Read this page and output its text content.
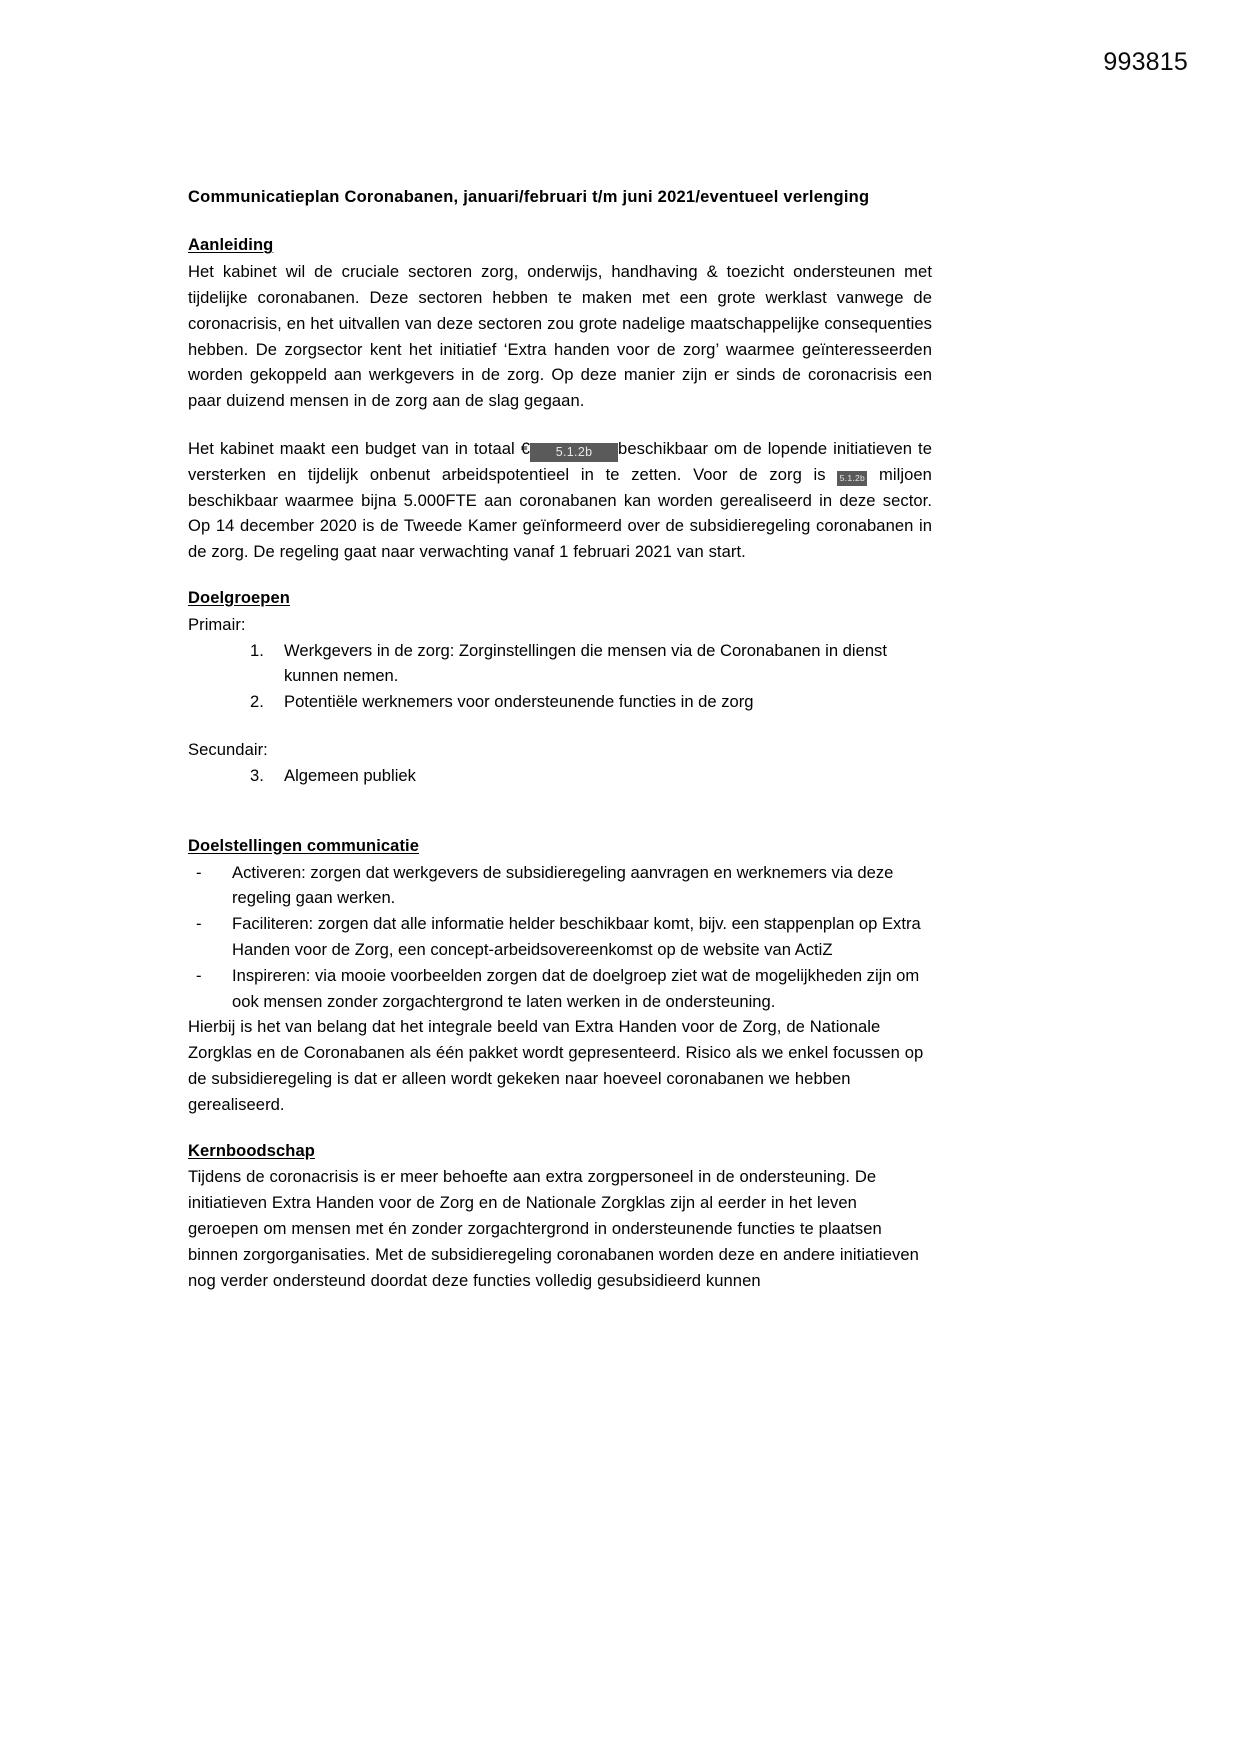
993815
Communicatieplan Coronabanen, januari/februari t/m juni 2021/eventueel verlenging
Aanleiding

Het kabinet wil de cruciale sectoren zorg, onderwijs, handhaving & toezicht ondersteunen met tijdelijke coronabanen. Deze sectoren hebben te maken met een grote werklast vanwege de coronacrisis, en het uitvallen van deze sectoren zou grote nadelige maatschappelijke consequenties hebben. De zorgsector kent het initiatief ‘Extra handen voor de zorg’ waarmee geïnteresseerden worden gekoppeld aan werkgevers in de zorg. Op deze manier zijn er sinds de coronacrisis een paar duizend mensen in de zorg aan de slag gegaan.

Het kabinet maakt een budget van in totaal € 5.1.2b beschikbaar om de lopende initiatieven te versterken en tijdelijk onbenut arbeidspotentieel in te zetten. Voor de zorg is 5.1.2b miljoen beschikbaar waarmee bijna 5.000FTE aan coronabanen kan worden gerealiseerd in deze sector. Op 14 december 2020 is de Tweede Kamer geïnformeerd over de subsidieregeling coronabanen in de zorg. De regeling gaat naar verwachting vanaf 1 februari 2021 van start.

Doelgroepen

Primair:

Werkgevers in de zorg: Zorginstellingen die mensen via de Coronabanen in dienst kunnen nemen.
Potentiële werknemers voor ondersteunende functies in de zorg

Secundair:

Algemeen publiek
Doelstellingen communicatie
- Activeren: zorgen dat werkgevers de subsidieregeling aanvragen en werknemers via deze regeling gaan werken.
- Faciliteren: zorgen dat alle informatie helder beschikbaar komt, bijv. een stappenplan op Extra Handen voor de Zorg, een concept-arbeidsovereenkomst op de website van ActiZ
- Inspireren: via mooie voorbeelden zorgen dat de doelgroep ziet wat de mogelijkheden zijn om ook mensen zonder zorgachtergrond te laten werken in de ondersteuning.

Hierbij is het van belang dat het integrale beeld van Extra Handen voor de Zorg, de Nationale Zorgklas en de Coronabanen als één pakket wordt gepresenteerd. Risico als we enkel focussen op de subsidieregeling is dat er alleen wordt gekeken naar hoeveel coronabanen we hebben gerealiseerd.

Kernboodschap

Tijdens de coronacrisis is er meer behoefte aan extra zorgpersoneel in de ondersteuning. De initiatieven Extra Handen voor de Zorg en de Nationale Zorgklas zijn al eerder in het leven geroepen om mensen met én zonder zorgachtergrond in ondersteunende functies te plaatsen binnen zorgorganisaties. Met de subsidieregeling coronabanen worden deze en andere initiatieven nog verder ondersteund doordat deze functies volledig gesubsidieerd kunnen
